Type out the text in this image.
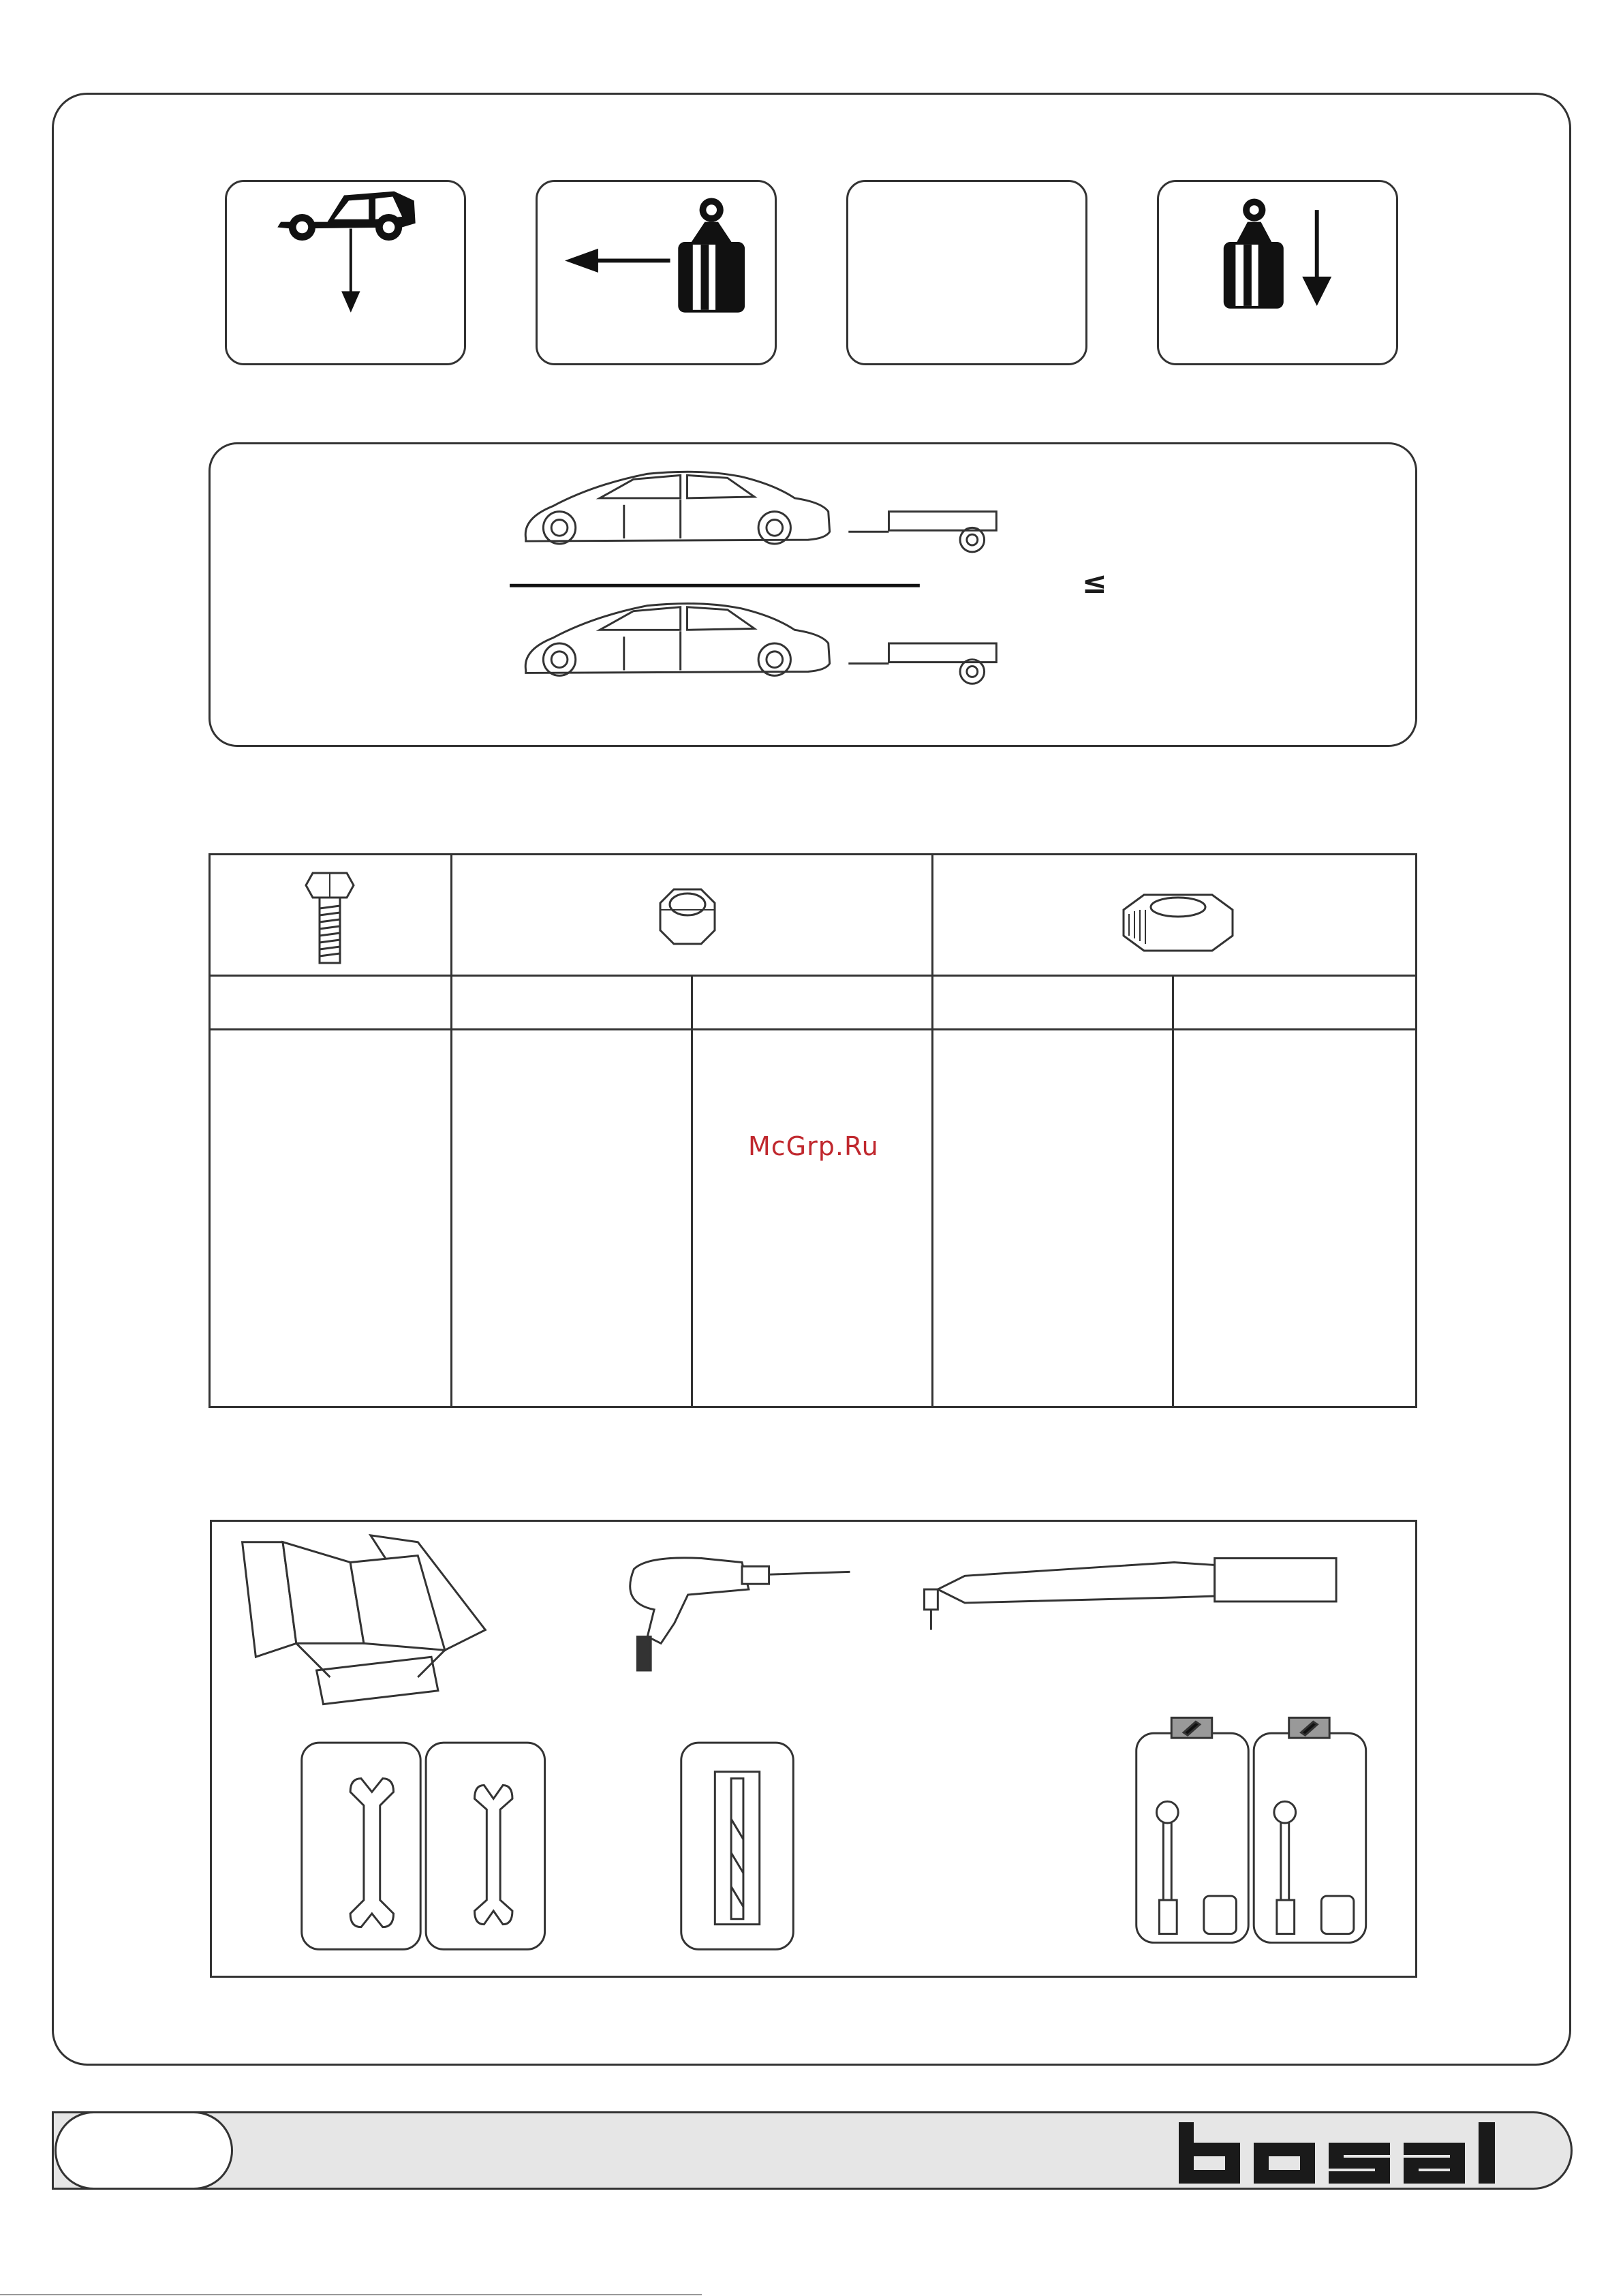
≤
McGrp.Ru
